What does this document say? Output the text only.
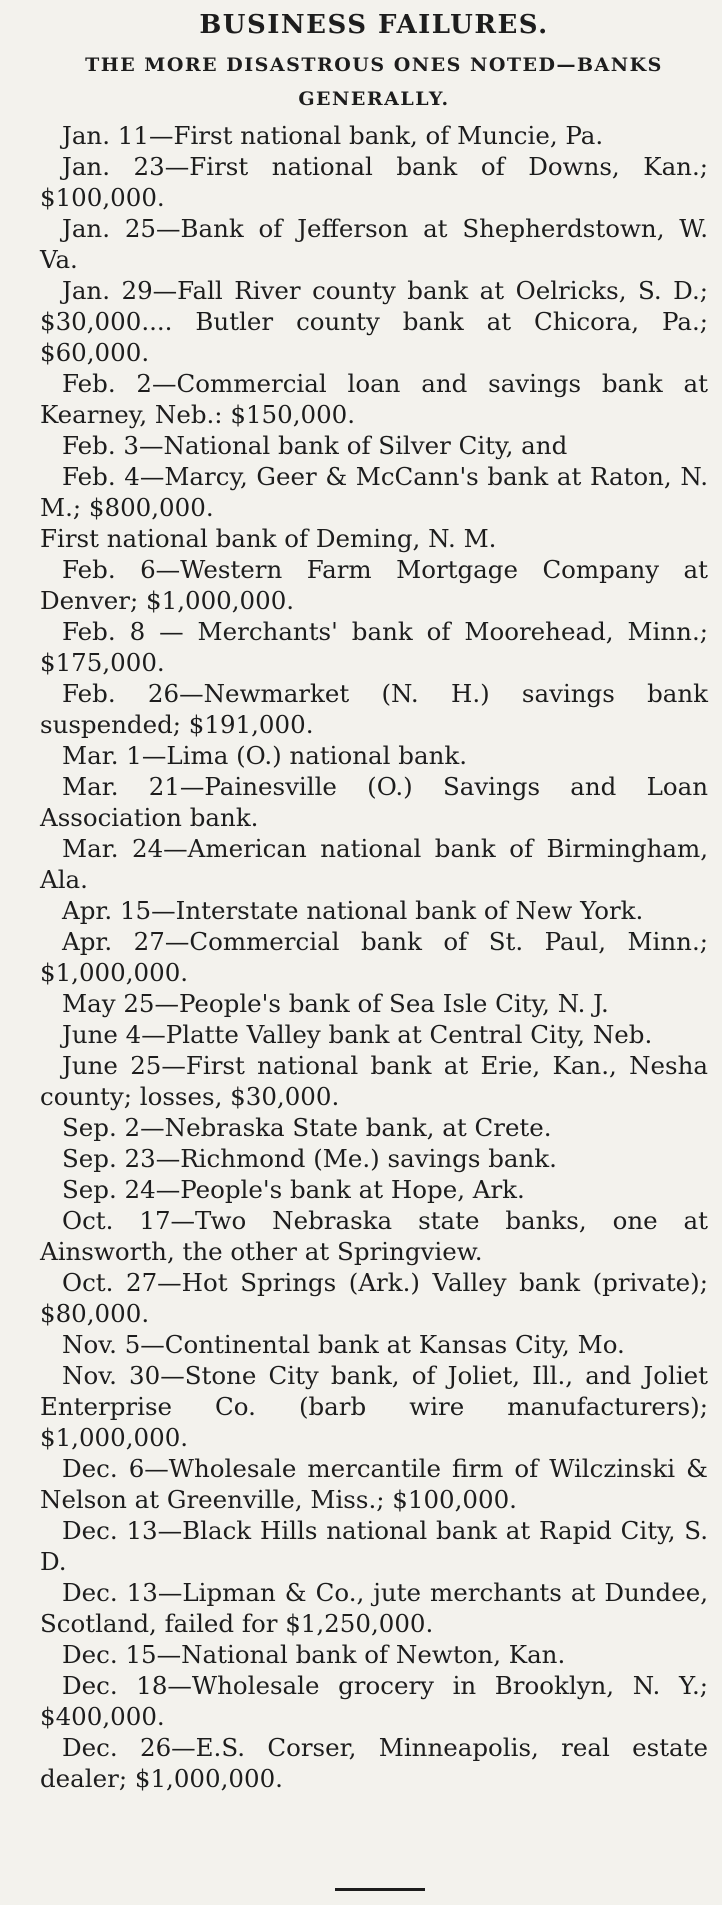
BUSINESS FAILURES.
THE MORE DISASTROUS ONES NOTED—BANKS GENERALLY.

Jan. 11—First national bank, of Muncie, Pa.

Jan. 23—First national bank of Downs, Kan.; $100,000.

Jan. 25—Bank of Jefferson at Shepherdstown, W. Va.

Jan. 29—Fall River county bank at Oelricks, S. D.; $30,000.... Butler county bank at Chicora, Pa.; $60,000.

Feb. 2—Commercial loan and savings bank at Kearney, Neb.: $150,000.

Feb. 3—National bank of Silver City, and

Feb. 4—Marcy, Geer & McCann's bank at Raton, N. M.; $800,000.

First national bank of Deming, N. M.

Feb. 6—Western Farm Mortgage Company at Denver; $1,000,000.

Feb. 8 — Merchants' bank of Moorehead, Minn.; $175,000.

Feb. 26—Newmarket (N. H.) savings bank suspended; $191,000.

Mar. 1—Lima (O.) national bank.

Mar. 21—Painesville (O.) Savings and Loan Association bank.

Mar. 24—American national bank of Birmingham, Ala.

Apr. 15—Interstate national bank of New York.

Apr. 27—Commercial bank of St. Paul, Minn.; $1,000,000.

May 25—People's bank of Sea Isle City, N. J.

June 4—Platte Valley bank at Central City, Neb.

June 25—First national bank at Erie, Kan., Nesha county; losses, $30,000.

Sep. 2—Nebraska State bank, at Crete.

Sep. 23—Richmond (Me.) savings bank.

Sep. 24—People's bank at Hope, Ark.

Oct. 17—Two Nebraska state banks, one at Ainsworth, the other at Springview.

Oct. 27—Hot Springs (Ark.) Valley bank (private); $80,000.

Nov. 5—Continental bank at Kansas City, Mo.

Nov. 30—Stone City bank, of Joliet, Ill., and Joliet Enterprise Co. (barb wire manufacturers); $1,000,000.

Dec. 6—Wholesale mercantile firm of Wilczinski & Nelson at Greenville, Miss.; $100,000.

Dec. 13—Black Hills national bank at Rapid City, S. D.

Dec. 13—Lipman & Co., jute merchants at Dundee, Scotland, failed for $1,250,000.

Dec. 15—National bank of Newton, Kan.

Dec. 18—Wholesale grocery in Brooklyn, N. Y.; $400,000.

Dec. 26—E.S. Corser, Minneapolis, real estate dealer; $1,000,000.
